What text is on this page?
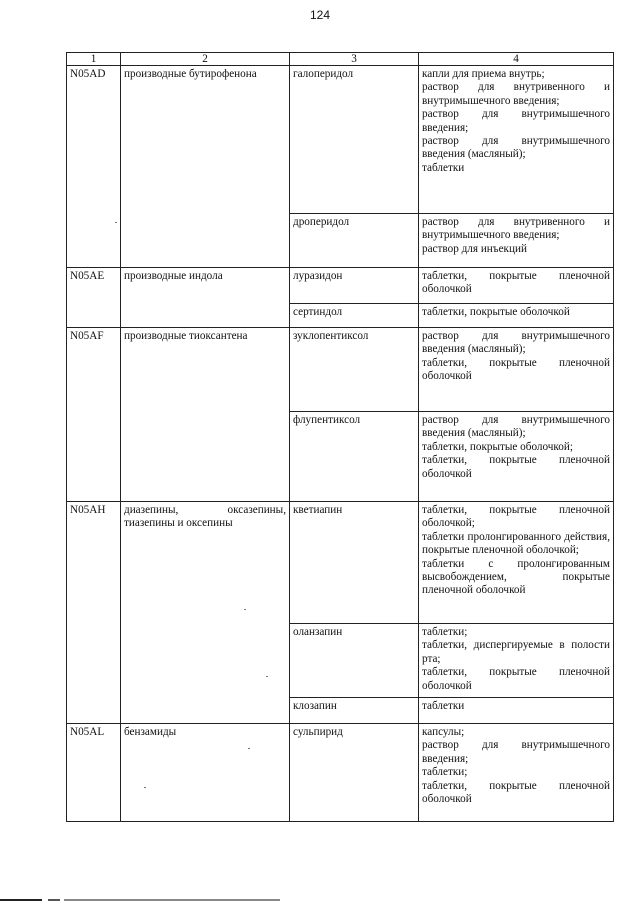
124
1	2	3	4
N05AD	производные бутирофенона	галоперидол	капли для приема внутрь;
раствор для внутривенного и внутримышечного введения;
раствор для внутримышечного введения;
раствор для внутримышечного введения (масляный);
таблетки

		дроперидол	раствор для внутривенного и внутримышечного введения;
раствор для инъекций

N05AE	производные индола	луразидон	таблетки, покрытые пленочной оболочкой

		сертиндол	таблетки, покрытые оболочкой

N05AF	производные тиоксантена	зуклопентиксол	раствор для внутримышечного введения (масляный);
таблетки, покрытые пленочной оболочкой

		флупентиксол	раствор для внутримышечного введения (масляный);
таблетки, покрытые оболочкой;
таблетки, покрытые пленочной оболочкой

N05AH	диазепины, оксазепины, тиазепины и оксепины	кветиапин	таблетки, покрытые пленочной оболочкой;
таблетки пролонгированного действия, покрытые пленочной оболочкой;
таблетки с пролонгированным высвобождением, покрытые пленочной оболочкой

		оланзапин	таблетки;
таблетки, диспергируемые в полости рта;
таблетки, покрытые пленочной оболочкой

		клозапин	таблетки

N05AL	бензамиды	сульпирид	капсулы;
раствор для внутримышечного введения;
таблетки;
таблетки, покрытые пленочной оболочкой
